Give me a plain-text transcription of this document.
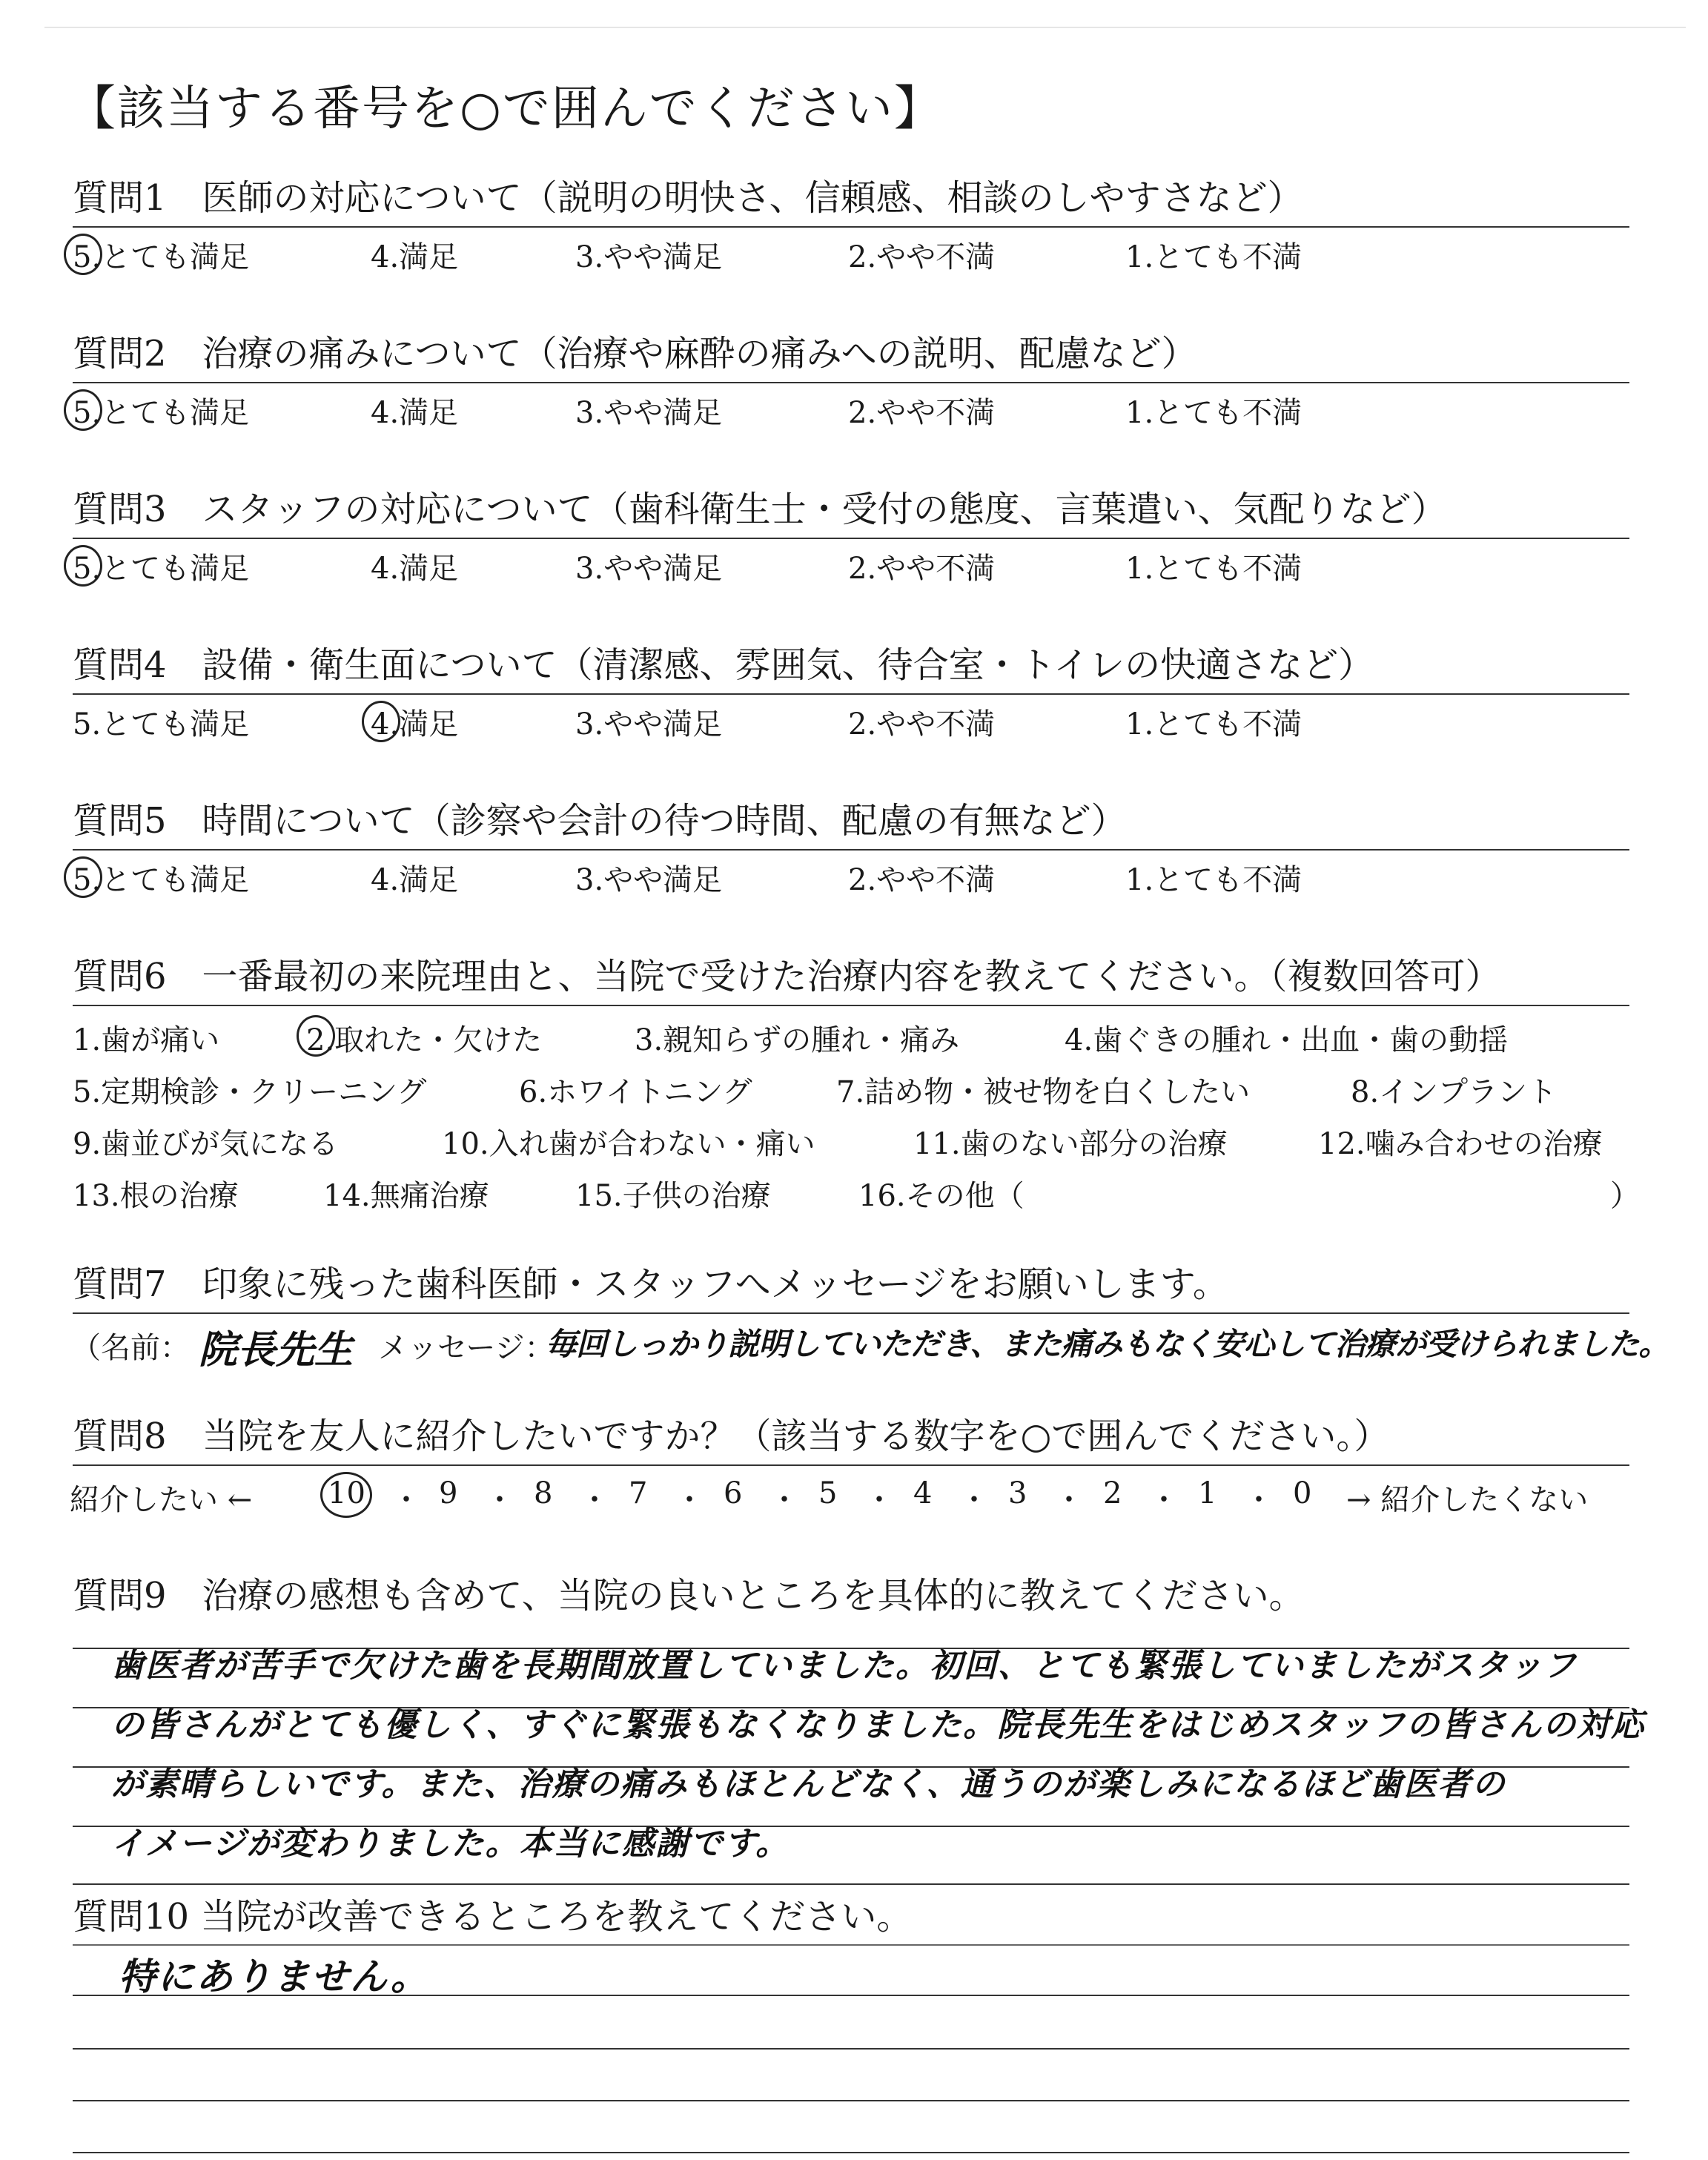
【該当する番号を○で囲んでください】
質問1　医師の対応について（説明の明快さ、信頼感、相談のしやすさなど）
5.とても満足	4.満足	3.やや満足	2.やや不満	1.とても不満
質問2　治療の痛みについて（治療や麻酔の痛みへの説明、配慮など）
5.とても満足	4.満足	3.やや満足	2.やや不満	1.とても不満
質問3　スタッフの対応について（歯科衛生士・受付の態度、言葉遣い、気配りなど）
5.とても満足	4.満足	3.やや満足	2.やや不満	1.とても不満
質問4　設備・衛生面について（清潔感、雰囲気、待合室・トイレの快適さなど）
5.とても満足	4.満足	3.やや満足	2.やや不満	1.とても不満
質問5　時間について（診察や会計の待つ時間、配慮の有無など）
5.とても満足	4.満足	3.やや満足	2.やや不満	1.とても不満
質問6　一番最初の来院理由と、当院で受けた治療内容を教えてください。（複数回答可）
1.歯が痛い	2.取れた・欠けた	3.親知らずの腫れ・痛み	4.歯ぐきの腫れ・出血・歯の動揺
5.定期検診・クリーニング	6.ホワイトニング	7.詰め物・被せ物を白くしたい	8.インプラント
9.歯並びが気になる	10.入れ歯が合わない・痛い	11.歯のない部分の治療	12.噛み合わせの治療
13.根の治療	14.無痛治療	15.子供の治療	16.その他（	）
質問7　印象に残った歯科医師・スタッフへメッセージをお願いします。
（名前： 院長先生 メッセージ：
毎回しっかり説明していただき、また痛みもなく安心して治療が受けられました。
質問8　当院を友人に紹介したいですか？（該当する数字を○で囲んでください。）
紹介したい ←	10 ・ 9 ・ 8 ・ 7 ・ 6 ・ 5 ・ 4 ・ 3 ・ 2 ・ 1 ・ 0 → 紹介したくない
質問9　治療の感想も含めて、当院の良いところを具体的に教えてください。
歯医者が苦手で欠けた歯を長期間放置していました。初回、とても緊張していましたがスタッフ
の皆さんがとても優しく、すぐに緊張もなくなりました。院長先生をはじめスタッフの皆さんの対応
が素晴らしいです。また、治療の痛みもほとんどなく、通うのが楽しみになるほど歯医者の
イメージが変わりました。本当に感謝です。
質問10 当院が改善できるところを教えてください。
特にありません。
